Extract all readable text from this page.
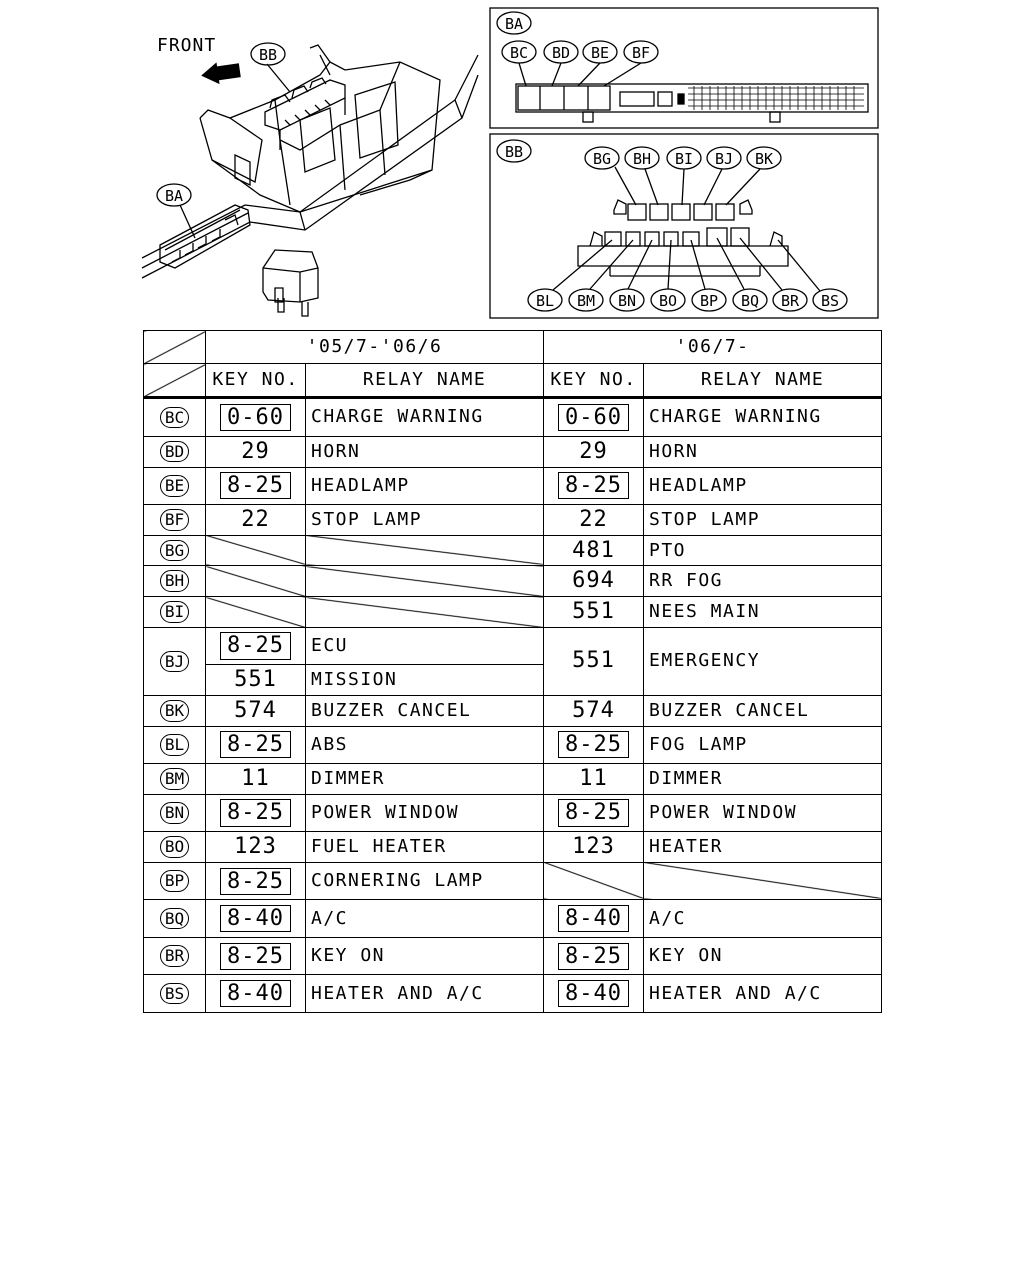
FRONT	BB
BA
BA
BC BD BE BF
BB	BG BH BI BJ BK
BL BM BN BO BP BQ BR BS
	'05/7-'06/6		'06/7-	
	KEY NO.	RELAY NAME	KEY NO.	RELAY NAME
BC	0-60	CHARGE WARNING	0-60	CHARGE WARNING
BD	29	HORN	29	HORN
BE	8-25	HEADLAMP	8-25	HEADLAMP
BF	22	STOP LAMP	22	STOP LAMP
BG			481	PTO
BH			694	RR FOG
BI			551	NEES MAIN
BJ	8-25	ECU	551	EMERGENCY
	551	MISSION		
BK	574	BUZZER CANCEL	574	BUZZER CANCEL
BL	8-25	ABS	8-25	FOG LAMP
BM	11	DIMMER	11	DIMMER
BN	8-25	POWER WINDOW	8-25	POWER WINDOW
BO	123	FUEL HEATER	123	HEATER
BP	8-25	CORNERING LAMP		
BQ	8-40	A/C	8-40	A/C
BR	8-25	KEY ON	8-25	KEY ON
BS	8-40	HEATER AND A/C	8-40	HEATER AND A/C
